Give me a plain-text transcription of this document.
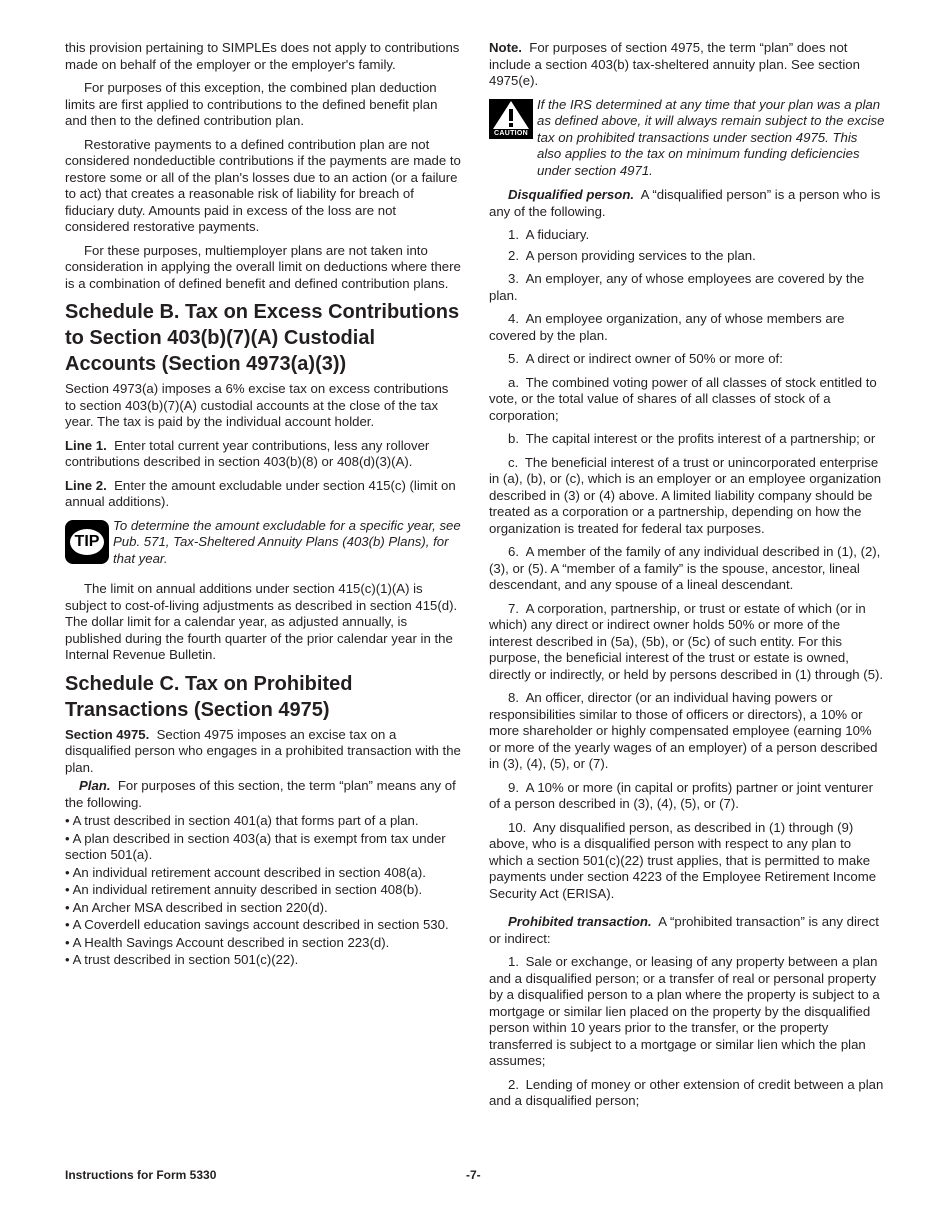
this provision pertaining to SIMPLEs does not apply to contributions made on behalf of the employer or the employer's family.

For purposes of this exception, the combined plan deduction limits are first applied to contributions to the defined benefit plan and then to the defined contribution plan.

Restorative payments to a defined contribution plan are not considered nondeductible contributions if the payments are made to restore some or all of the plan's losses due to an action (or a failure to act) that creates a reasonable risk of liability for breach of fiduciary duty. Amounts paid in excess of the loss are not considered restorative payments.

For these purposes, multiemployer plans are not taken into consideration in applying the overall limit on deductions where there is a combination of defined benefit and defined contribution plans.

Schedule B. Tax on Excess Contributions to Section 403(b)(7)(A) Custodial Accounts (Section 4973(a)(3))

Section 4973(a) imposes a 6% excise tax on excess contributions to section 403(b)(7)(A) custodial accounts at the close of the tax year. The tax is paid by the individual account holder.

Line 1. Enter total current year contributions, less any rollover contributions described in section 403(b)(8) or 408(d)(3)(A).

Line 2. Enter the amount excludable under section 415(c) (limit on annual additions).

TIP
To determine the amount excludable for a specific year, see Pub. 571, Tax-Sheltered Annuity Plans (403(b) Plans), for that year.

The limit on annual additions under section 415(c)(1)(A) is subject to cost-of-living adjustments as described in section 415(d). The dollar limit for a calendar year, as adjusted annually, is published during the fourth quarter of the prior calendar year in the Internal Revenue Bulletin.

Schedule C. Tax on Prohibited Transactions (Section 4975)

Section 4975. Section 4975 imposes an excise tax on a disqualified person who engages in a prohibited transaction with the plan.

Plan. For purposes of this section, the term “plan” means any of the following.

• A trust described in section 401(a) that forms part of a plan.
• A plan described in section 403(a) that is exempt from tax under section 501(a).
• An individual retirement account described in section 408(a).
• An individual retirement annuity described in section 408(b).
• An Archer MSA described in section 220(d).
• A Coverdell education savings account described in section 530.
• A Health Savings Account described in section 223(d).
• A trust described in section 501(c)(22).

Note. For purposes of section 4975, the term “plan” does not include a section 403(b) tax-sheltered annuity plan. See section 4975(e).

CAUTION
If the IRS determined at any time that your plan was a plan as defined above, it will always remain subject to the excise tax on prohibited transactions under section 4975. This also applies to the tax on minimum funding deficiencies under section 4971.

Disqualified person. A “disqualified person” is a person who is any of the following.

1. A fiduciary.

2. A person providing services to the plan.

3. An employer, any of whose employees are covered by the plan.

4. An employee organization, any of whose members are covered by the plan.

5. A direct or indirect owner of 50% or more of:

a. The combined voting power of all classes of stock entitled to vote, or the total value of shares of all classes of stock of a corporation;

b. The capital interest or the profits interest of a partnership; or

c. The beneficial interest of a trust or unincorporated enterprise in (a), (b), or (c), which is an employer or an employee organization described in (3) or (4) above. A limited liability company should be treated as a corporation or a partnership, depending on how the organization is treated for federal tax purposes.

6. A member of the family of any individual described in (1), (2), (3), or (5). A “member of a family” is the spouse, ancestor, lineal descendant, and any spouse of a lineal descendant.

7. A corporation, partnership, or trust or estate of which (or in which) any direct or indirect owner holds 50% or more of the interest described in (5a), (5b), or (5c) of such entity. For this purpose, the beneficial interest of the trust or estate is owned, directly or indirectly, or held by persons described in (1) through (5).

8. An officer, director (or an individual having powers or responsibilities similar to those of officers or directors), a 10% or more shareholder or highly compensated employee (earning 10% or more of the yearly wages of an employer) of a person described in (3), (4), (5), or (7).

9. A 10% or more (in capital or profits) partner or joint venturer of a person described in (3), (4), (5), or (7).

10. Any disqualified person, as described in (1) through (9) above, who is a disqualified person with respect to any plan to which a section 501(c)(22) trust applies, that is permitted to make payments under section 4223 of the Employee Retirement Income Security Act (ERISA).

Prohibited transaction. A “prohibited transaction” is any direct or indirect:

1. Sale or exchange, or leasing of any property between a plan and a disqualified person; or a transfer of real or personal property by a disqualified person to a plan where the property is subject to a mortgage or similar lien placed on the property by the disqualified person within 10 years prior to the transfer, or the property transferred is subject to a mortgage or similar lien which the plan assumes;

2. Lending of money or other extension of credit between a plan and a disqualified person;

Instructions for Form 5330	-7-
